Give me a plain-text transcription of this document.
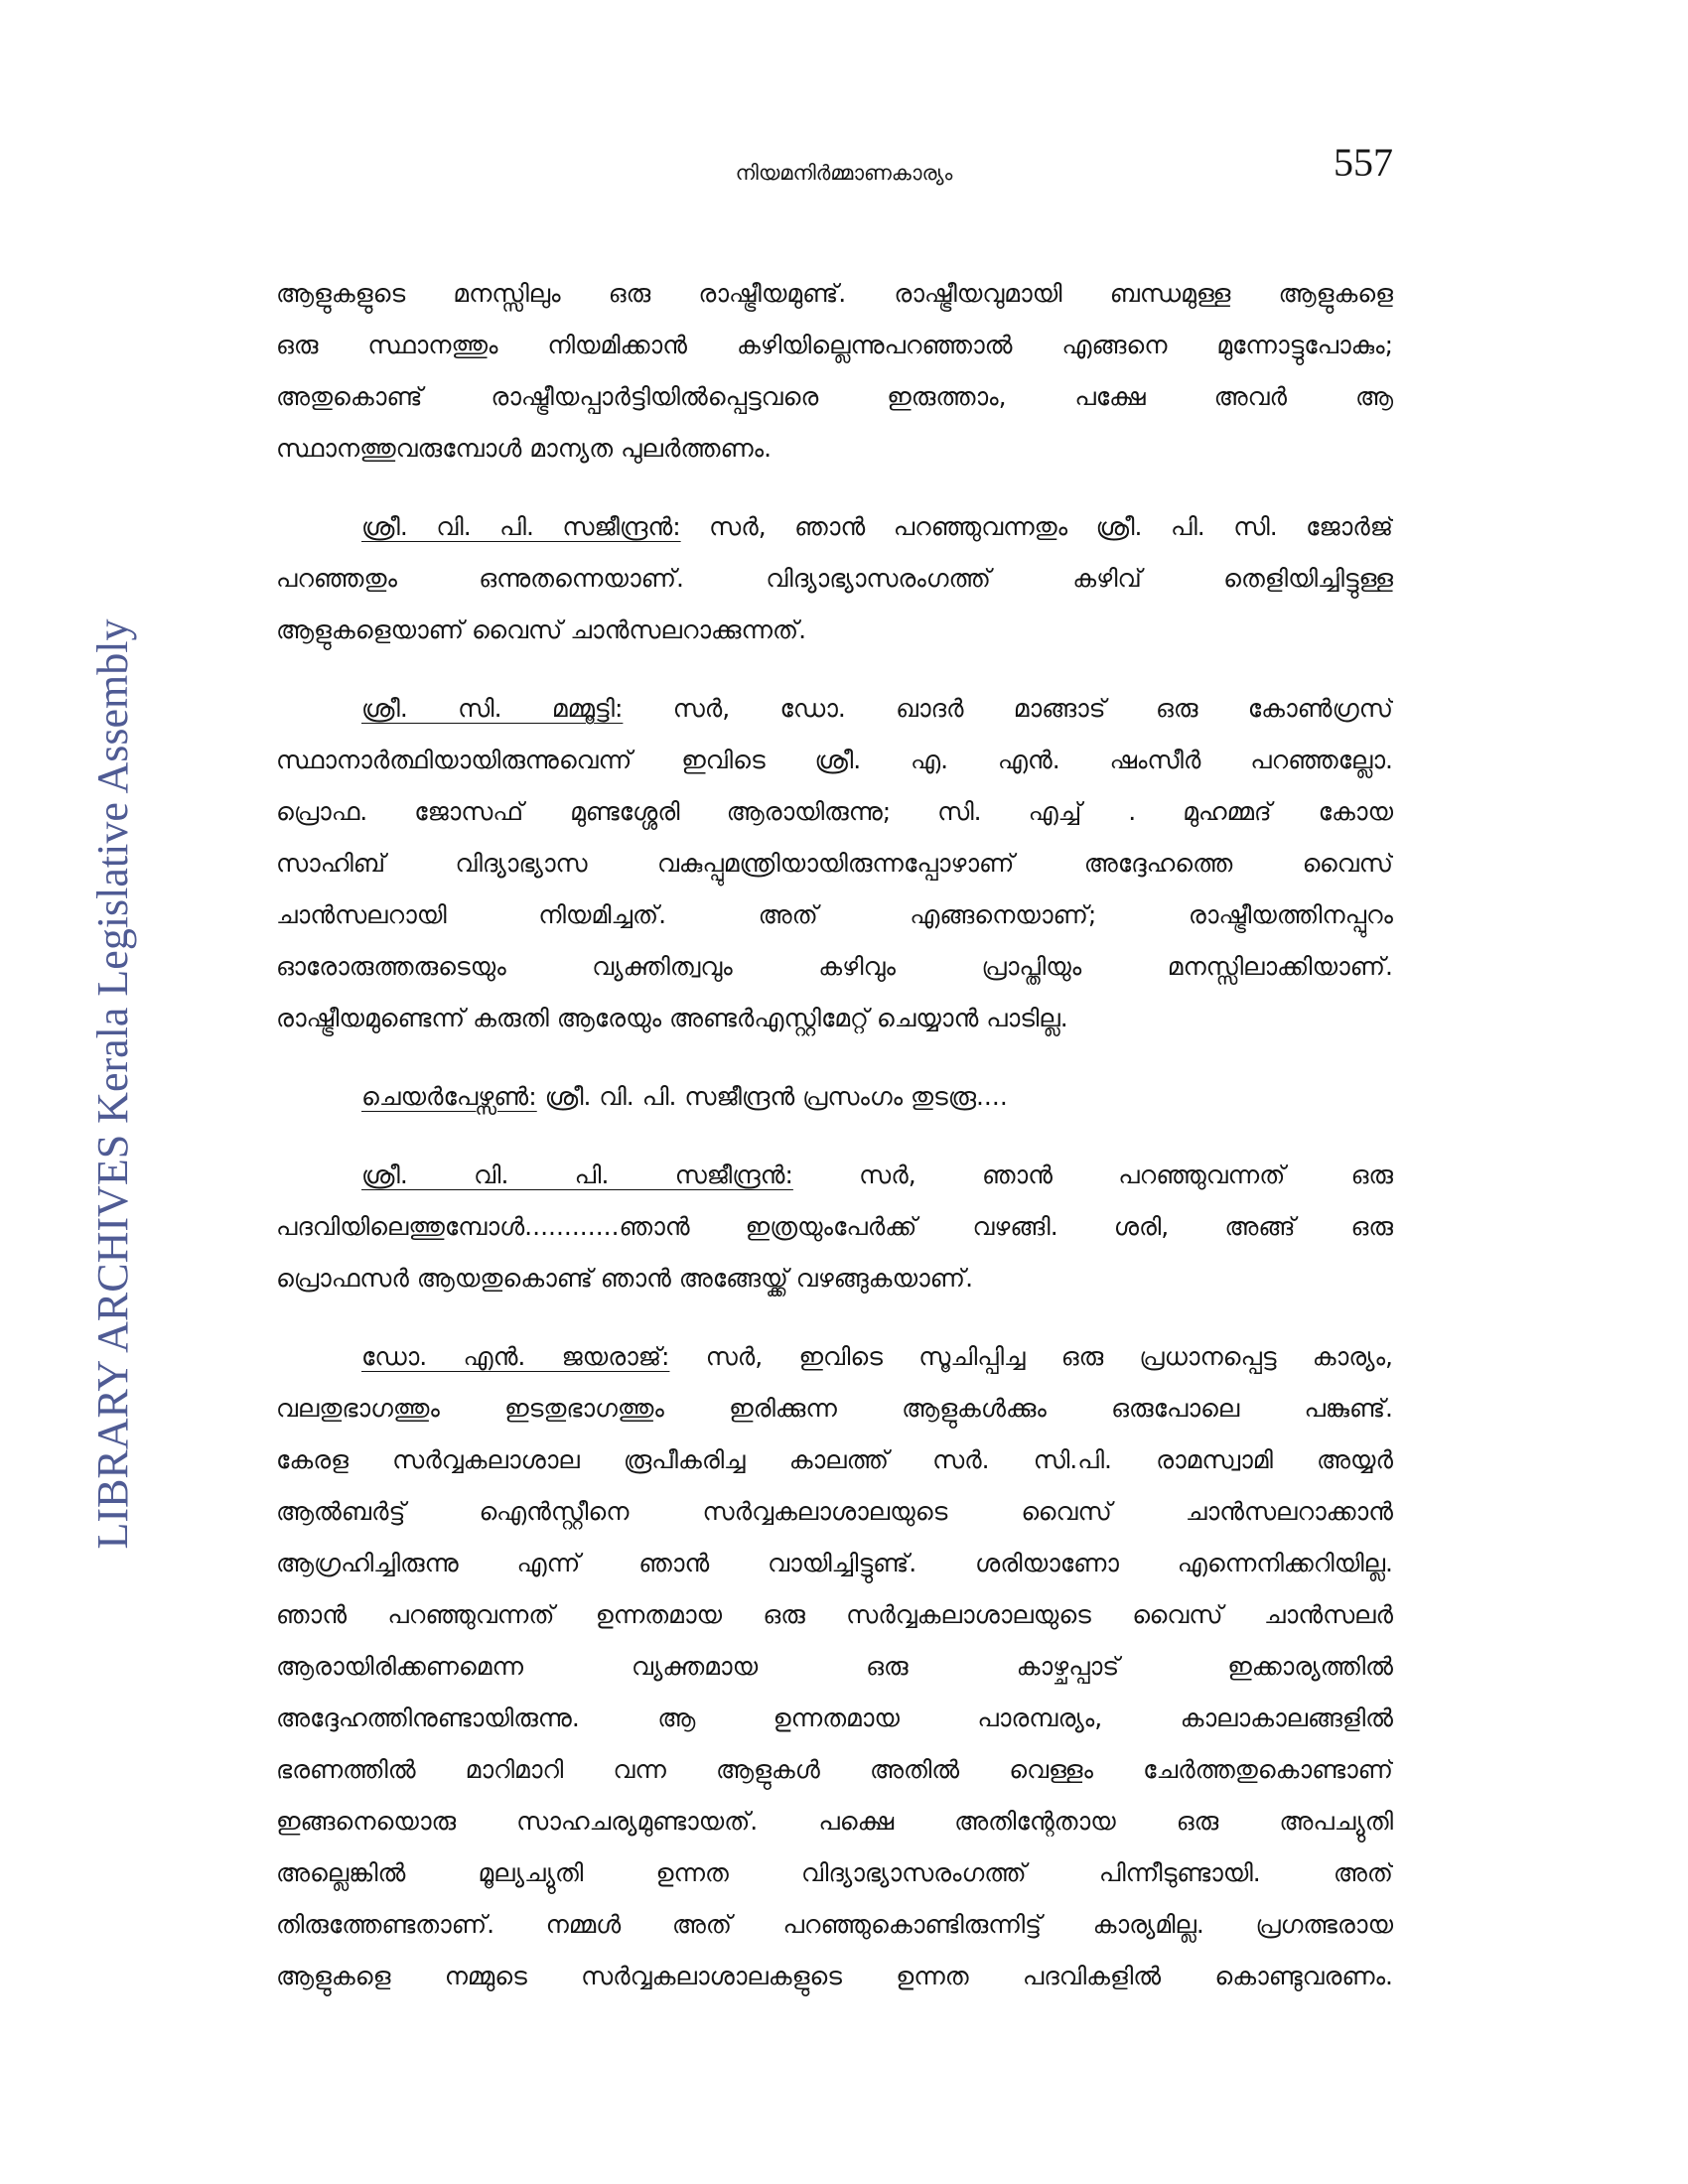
നിയമനിർമ്മാണകാര്യം	557
LIBRARY ARCHIVES Kerala Legislative Assembly
ആളുകളുടെ മനസ്സിലും ഒരു രാഷ്ട്രീയമുണ്ട്. രാഷ്ട്രീയവുമായി ബന്ധമുള്ള ആളുകളെ
ഒരു സ്ഥാനത്തും നിയമിക്കാൻ കഴിയില്ലെന്നുപറഞ്ഞാൽ എങ്ങനെ മുന്നോട്ടുപോകും;
അതുകൊണ്ട് രാഷ്ട്രീയപ്പാർട്ടിയിൽപ്പെട്ടവരെ ഇരുത്താം, പക്ഷേ അവർ ആ
സ്ഥാനത്തുവരുമ്പോൾ മാന്യത പുലർത്തണം.
ശ്രീ. വി. പി. സജീന്ദ്രൻ: സർ, ഞാൻ പറഞ്ഞുവന്നതും ശ്രീ. പി. സി. ജോർജ്
പറഞ്ഞതും ഒന്നുതന്നെയാണ്. വിദ്യാഭ്യാസരംഗത്ത് കഴിവ് തെളിയിച്ചിട്ടുള്ള
ആളുകളെയാണ് വൈസ് ചാൻസലറാക്കുന്നത്.
ശ്രീ. സി. മമ്മൂട്ടി: സർ, ഡോ. ഖാദർ മാങ്ങാട് ഒരു കോൺഗ്രസ്
സ്ഥാനാർത്ഥിയായിരുന്നുവെന്ന് ഇവിടെ ശ്രീ. എ. എൻ. ഷംസീർ പറഞ്ഞല്ലോ.
പ്രൊഫ. ജോസഫ് മുണ്ടശ്ശേരി ആരായിരുന്നു; സി. എച്ച് . മുഹമ്മദ് കോയ
സാഹിബ് വിദ്യാഭ്യാസ വകുപ്പുമന്ത്രിയായിരുന്നപ്പോഴാണ് അദ്ദേഹത്തെ വൈസ്
ചാൻസലറായി നിയമിച്ചത്. അത് എങ്ങനെയാണ്; രാഷ്ട്രീയത്തിനപ്പുറം
ഓരോരുത്തരുടെയും വ്യക്തിത്വവും കഴിവും പ്രാപ്തിയും മനസ്സിലാക്കിയാണ്.
രാഷ്ട്രീയമുണ്ടെന്ന് കരുതി ആരേയും അണ്ടർഎസ്റ്റിമേറ്റ് ചെയ്യാൻ പാടില്ല.
ചെയർപേഴ്സൺ: ശ്രീ. വി. പി. സജീന്ദ്രൻ പ്രസംഗം തുടരൂ....
ശ്രീ. വി. പി. സജീന്ദ്രൻ:	സർ, ഞാൻ പറഞ്ഞുവന്നത് ഒരു
പദവിയിലെത്തുമ്പോൾ............ഞാൻ ഇത്രയുംപേർക്ക് വഴങ്ങി. ശരി, അങ്ങ് ഒരു
പ്രൊഫസർ ആയതുകൊണ്ട് ഞാൻ അങ്ങേയ്ക്ക് വഴങ്ങുകയാണ്.
ഡോ. എൻ. ജയരാജ്: സർ, ഇവിടെ സൂചിപ്പിച്ച ഒരു പ്രധാനപ്പെട്ട കാര്യം,
വലതുഭാഗത്തും ഇടതുഭാഗത്തും ഇരിക്കുന്ന ആളുകൾക്കും ഒരുപോലെ പങ്കുണ്ട്.
കേരള സർവ്വകലാശാല രൂപീകരിച്ച കാലത്ത് സർ. സി.പി. രാമസ്വാമി അയ്യർ
ആൽബർട്ട് ഐൻസ്റ്റീനെ സർവ്വകലാശാലയുടെ വൈസ് ചാൻസലറാക്കാൻ
ആഗ്രഹിച്ചിരുന്നു എന്ന് ഞാൻ വായിച്ചിട്ടുണ്ട്. ശരിയാണോ എന്നെനിക്കറിയില്ല.
ഞാൻ പറഞ്ഞുവന്നത് ഉന്നതമായ ഒരു സർവ്വകലാശാലയുടെ വൈസ് ചാൻസലർ
ആരായിരിക്കണമെന്ന വ്യക്തമായ ഒരു കാഴ്ചപ്പാട് ഇക്കാര്യത്തിൽ
അദ്ദേഹത്തിനുണ്ടായിരുന്നു. ആ ഉന്നതമായ പാരമ്പര്യം, കാലാകാലങ്ങളിൽ
ഭരണത്തിൽ മാറിമാറി വന്ന ആളുകൾ അതിൽ വെള്ളം ചേർത്തതുകൊണ്ടാണ്
ഇങ്ങനെയൊരു സാഹചര്യമുണ്ടായത്. പക്ഷെ അതിന്റേതായ ഒരു അപച്യുതി
അല്ലെങ്കിൽ മൂല്യച്യുതി ഉന്നത വിദ്യാഭ്യാസരംഗത്ത് പിന്നീടുണ്ടായി. അത്
തിരുത്തേണ്ടതാണ്. നമ്മൾ അത് പറഞ്ഞുകൊണ്ടിരുന്നിട്ട് കാര്യമില്ല. പ്രഗത്ഭരായ
ആളുകളെ നമ്മുടെ സർവ്വകലാശാലകളുടെ ഉന്നത പദവികളിൽ കൊണ്ടുവരണം.
